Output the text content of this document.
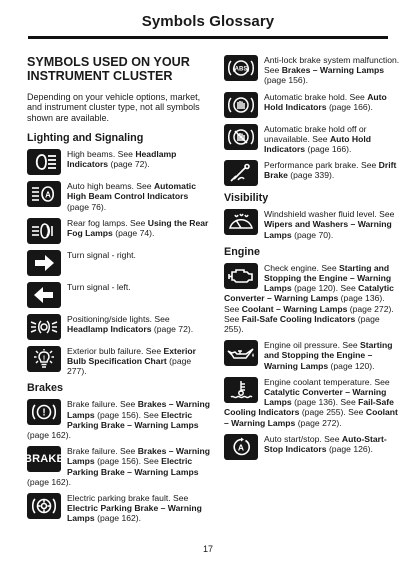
Symbols Glossary
SYMBOLS USED ON YOUR INSTRUMENT CLUSTER
Depending on your vehicle options, market, and instrument cluster type, not all symbols shown are available.
Lighting and Signaling
High beams. See Headlamp Indicators (page 72).
A
Auto high beams. See Automatic High Beam Control Indicators (page 76).
Rear fog lamps. See Using the Rear Fog Lamps (page 74).
Turn signal - right.
Turn signal - left.
Positioning/side lights. See Headlamp Indicators (page 72).
!
Exterior bulb failure. See Exterior Bulb Specification Chart (page 277).
Brakes
!
Brake failure. See Brakes – Warning Lamps (page 156). See Electric Parking Brake – Warning Lamps (page 162).
BRAKE
Brake failure. See Brakes – Warning Lamps (page 156). See Electric Parking Brake – Warning Lamps (page 162).
Electric parking brake fault. See Electric Parking Brake – Warning Lamps (page 162).
(ABS)
Anti-lock brake system malfunction. See Brakes – Warning Lamps (page 156).
Automatic brake hold. See Auto Hold Indicators (page 166).
Automatic brake hold off or unavailable. See Auto Hold Indicators (page 166).
Performance park brake. See Drift Brake (page 339).
Visibility
Windshield washer fluid level. See Wipers and Washers – Warning Lamps (page 70).
Engine
Check engine. See Starting and Stopping the Engine – Warning Lamps (page 120). See Catalytic Converter – Warning Lamps (page 136). See Coolant – Warning Lamps (page 272). See Fail-Safe Cooling Indicators (page 255).
Engine oil pressure. See Starting and Stopping the Engine – Warning Lamps (page 120).
Engine coolant temperature. See Catalytic Converter – Warning Lamps (page 136). See Fail-Safe Cooling Indicators (page 255). See Coolant – Warning Lamps (page 272).
A
Auto start/stop. See Auto-Start-Stop Indicators (page 126).
17
